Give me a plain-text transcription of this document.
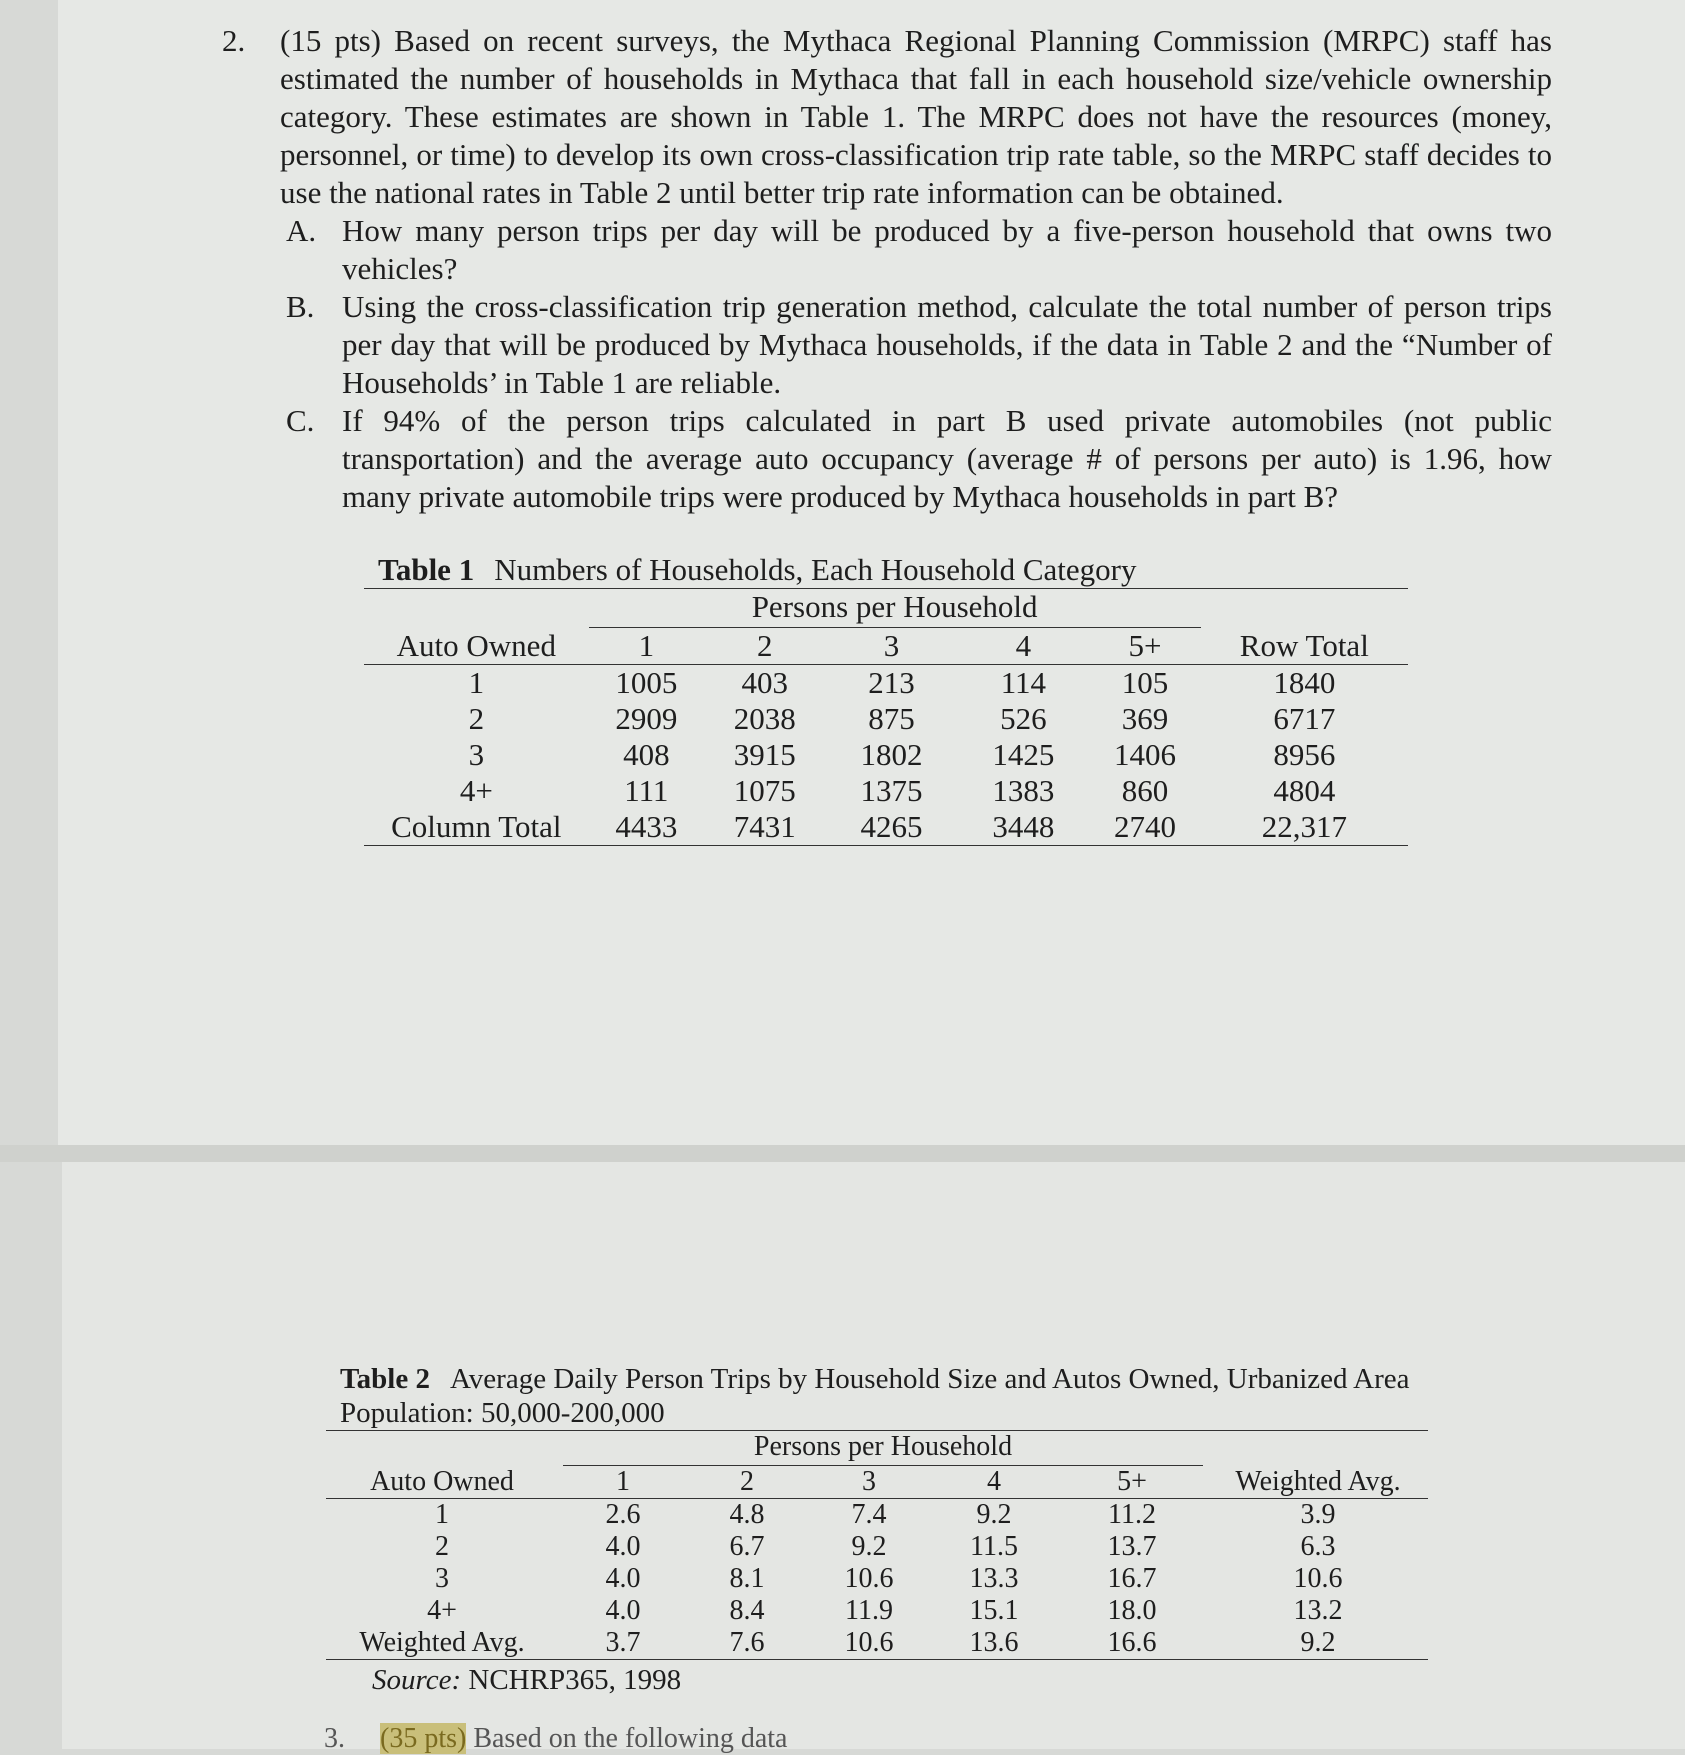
2. (15 pts) Based on recent surveys, the Mythaca Regional Planning Commission (MRPC) staff has estimated the number of households in Mythaca that fall in each household size/vehicle ownership category. These estimates are shown in Table 1. The MRPC does not have the resources (money, personnel, or time) to develop its own cross-classification trip rate table, so the MRPC staff decides to use the national rates in Table 2 until better trip rate information can be obtained.
A. How many person trips per day will be produced by a five-person household that owns two vehicles?
B. Using the cross-classification trip generation method, calculate the total number of person trips per day that will be produced by Mythaca households, if the data in Table 2 and the “Number of Households’ in Table 1 are reliable.
C. If 94% of the person trips calculated in part B used private automobiles (not public transportation) and the average auto occupancy (average # of persons per auto) is 1.96, how many private automobile trips were produced by Mythaca households in part B?
Table 1 Numbers of Households, Each Household Category
	Persons per Household					
Auto Owned	1	2	3	4	5+	Row Total
1	1005	403	213	114	105	1840
2	2909	2038	875	526	369	6717
3	408	3915	1802	1425	1406	8956
4+	111	1075	1375	1383	860	4804
Column Total	4433	7431	4265	3448	2740	22,317
Table 2 Average Daily Person Trips by Household Size and Autos Owned, Urbanized Area Population: 50,000-200,000
	Persons per Household					
Auto Owned	1	2	3	4	5+	Weighted Avg.
1	2.6	4.8	7.4	9.2	11.2	3.9
2	4.0	6.7	9.2	11.5	13.7	6.3
3	4.0	8.1	10.6	13.3	16.7	10.6
4+	4.0	8.4	11.9	15.1	18.0	13.2
Weighted Avg.	3.7	7.6	10.6	13.6	16.6	9.2
Source: NCHRP365, 1998
3. (35 pts) Based on the following data
